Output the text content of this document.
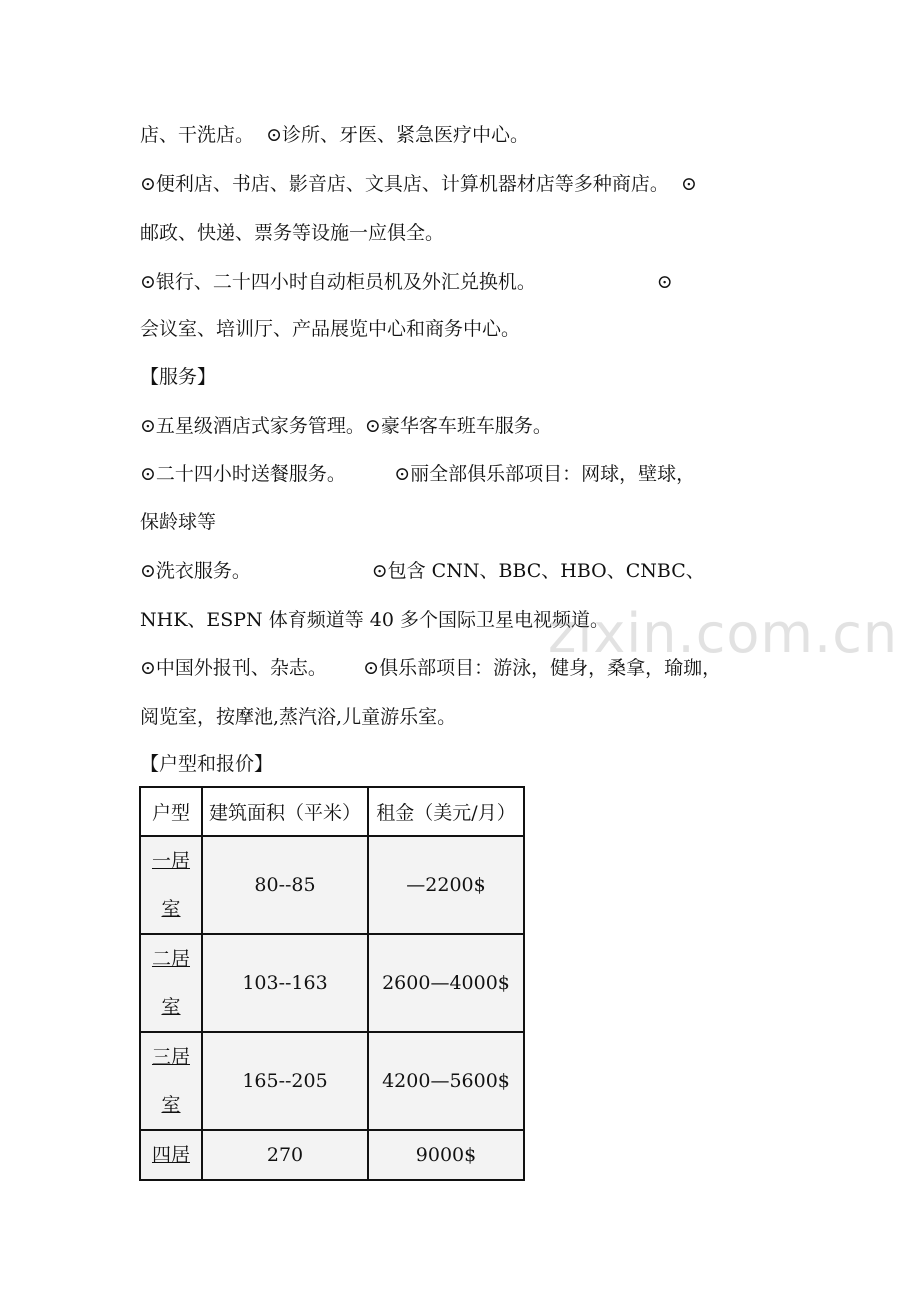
店、干洗店。  ⊙诊所、牙医、紧急医疗中心。
⊙便利店、书店、影音店、文具店、计算机器材店等多种商店。  ⊙
邮政、快递、票务等设施一应俱全。
⊙银行、二十四小时自动柜员机及外汇兑换机。                    ⊙
会议室、培训厅、产品展览中心和商务中心。
【服务】
⊙五星级酒店式家务管理。⊙豪华客车班车服务。
⊙二十四小时送餐服务。        ⊙丽全部俱乐部项目：网球，壁球，
保龄球等
⊙洗衣服务。                    ⊙包含 CNN、BBC、HBO、CNBC、
NHK、ESPN 体育频道等 40 多个国际卫星电视频道。
⊙中国外报刊、杂志。      ⊙俱乐部项目：游泳，健身，桑拿，瑜珈，
阅览室，按摩池,蒸汽浴,儿童游乐室。
【户型和报价】
户型	建筑面积（平米）	租金（美元/月）
一居室	80--85	—2200$
二居室	103--163	2600—4000$
三居室	165--205	4200—5600$
四居	270	9000$
zixin.com.cn
